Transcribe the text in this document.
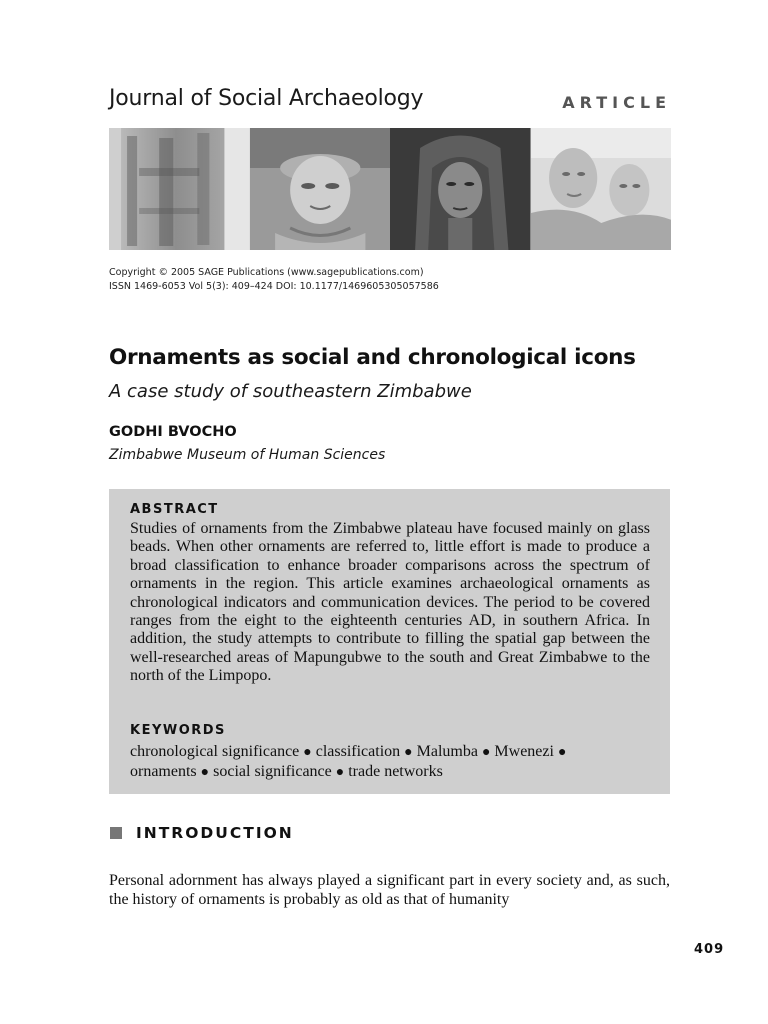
Journal of Social Archaeology	ARTICLE
Copyright © 2005 SAGE Publications (www.sagepublications.com)
ISSN 1469-6053 Vol 5(3): 409–424 DOI: 10.1177/1469605305057586
Ornaments as social and chronological icons
A case study of southeastern Zimbabwe
GODHI BVOCHO
Zimbabwe Museum of Human Sciences
ABSTRACT
Studies of ornaments from the Zimbabwe plateau have focused mainly on glass beads. When other ornaments are referred to, little effort is made to produce a broad classification to enhance broader comparisons across the spectrum of ornaments in the region. This article examines archaeological ornaments as chronological indicators and communication devices. The period to be covered ranges from the eight to the eighteenth centuries AD, in southern Africa. In addition, the study attempts to contribute to filling the spatial gap between the well-researched areas of Mapungubwe to the south and Great Zimbabwe to the north of the Limpopo.
KEYWORDS
chronological significance ● classification ● Malumba ● Mwenezi ●
ornaments ● social significance ● trade networks
INTRODUCTION
Personal adornment has always played a significant part in every society and, as such, the history of ornaments is probably as old as that of humanity
409
